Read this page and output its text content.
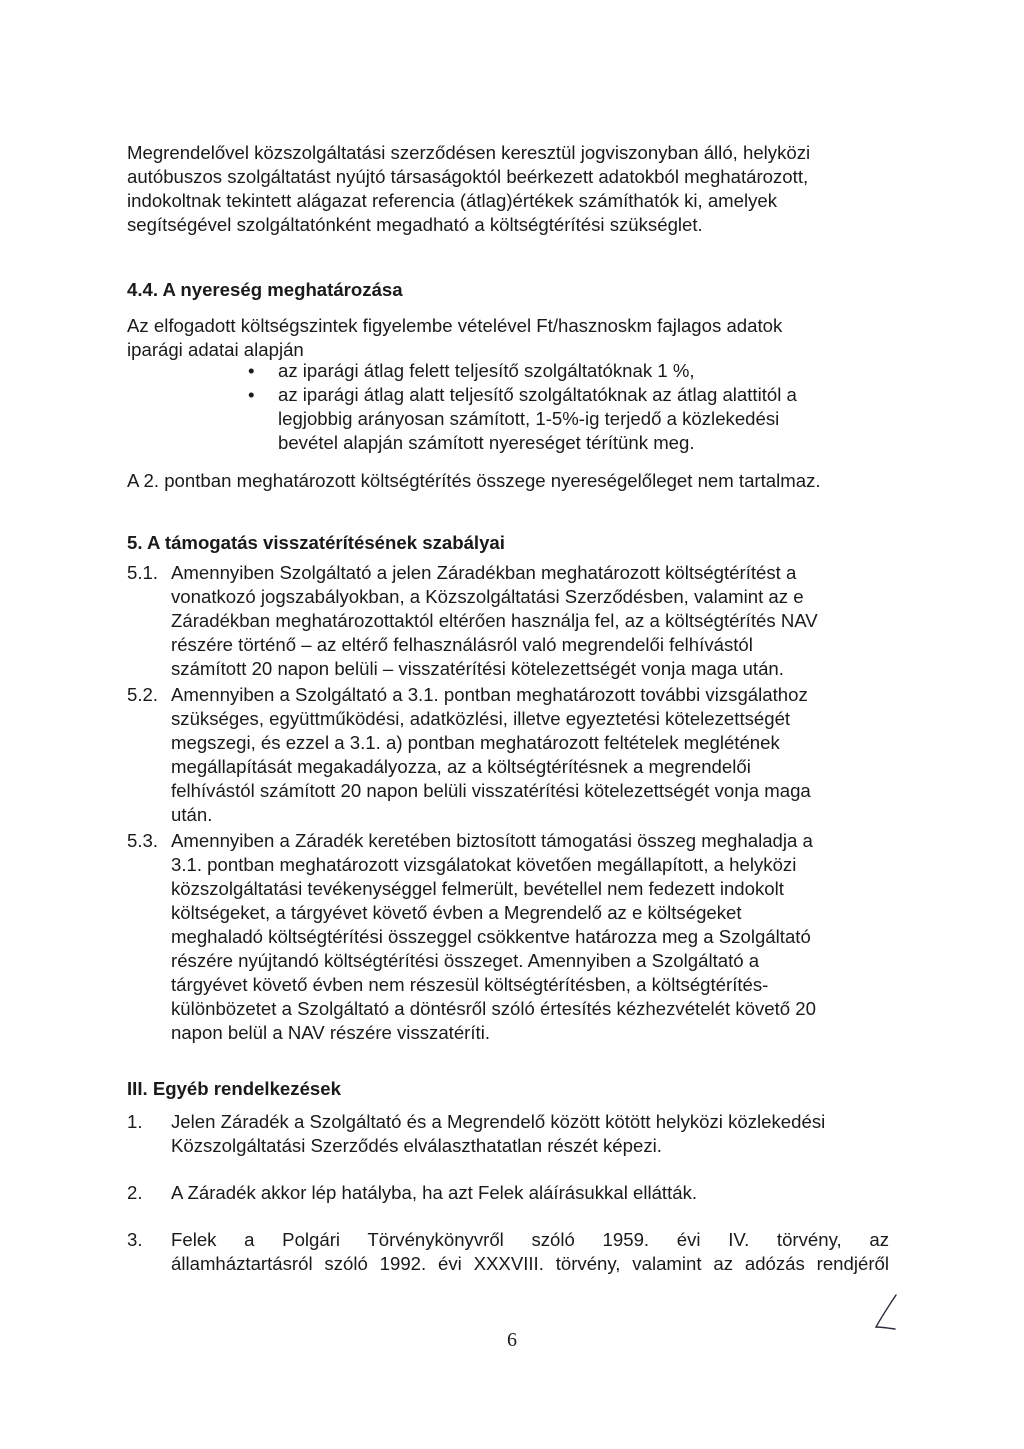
Megrendelővel közszolgáltatási szerződésen keresztül jogviszonyban álló, helyközi
autóbuszos szolgáltatást nyújtó társaságoktól beérkezett adatokból meghatározott,
indokoltnak tekintett alágazat referencia (átlag)értékek számíthatók ki, amelyek
segítségével szolgáltatónként megadható a költségtérítési szükséglet.
4.4. A nyereség meghatározása
Az elfogadott költségszintek figyelembe vételével Ft/hasznoskm fajlagos adatok
iparági adatai alapján
• az iparági átlag felett teljesítő szolgáltatóknak 1 %,
• az iparági átlag alatt teljesítő szolgáltatóknak az átlag alattitól a
legjobbig arányosan számított, 1-5%-ig terjedő a közlekedési
bevétel alapján számított nyereséget térítünk meg.
A 2. pontban meghatározott költségtérítés összege nyereségelőleget nem tartalmaz.
5. A támogatás visszatérítésének szabályai
5.1. Amennyiben Szolgáltató a jelen Záradékban meghatározott költségtérítést a
vonatkozó jogszabályokban, a Közszolgáltatási Szerződésben, valamint az e
Záradékban meghatározottaktól eltérően használja fel, az a költségtérítés NAV
részére történő – az eltérő felhasználásról való megrendelői felhívástól
számított 20 napon belüli – visszatérítési kötelezettségét vonja maga után.
5.2. Amennyiben a Szolgáltató a 3.1. pontban meghatározott további vizsgálathoz
szükséges, együttműködési, adatközlési, illetve egyeztetési kötelezettségét
megszegi, és ezzel a 3.1. a) pontban meghatározott feltételek meglétének
megállapítását megakadályozza, az a költségtérítésnek a megrendelői
felhívástól számított 20 napon belüli visszatérítési kötelezettségét vonja maga
után.
5.3. Amennyiben a Záradék keretében biztosított támogatási összeg meghaladja a
3.1. pontban meghatározott vizsgálatokat követően megállapított, a helyközi
közszolgáltatási tevékenységgel felmerült, bevétellel nem fedezett indokolt
költségeket, a tárgyévet követő évben a Megrendelő az e költségeket
meghaladó költségtérítési összeggel csökkentve határozza meg a Szolgáltató
részére nyújtandó költségtérítési összeget. Amennyiben a Szolgáltató a
tárgyévet követő évben nem részesül költségtérítésben, a költségtérítés-
különbözetet a Szolgáltató a döntésről szóló értesítés kézhezvételét követő 20
napon belül a NAV részére visszatéríti.
III. Egyéb rendelkezések
1. Jelen Záradék a Szolgáltató és a Megrendelő között kötött helyközi közlekedési
Közszolgáltatási Szerződés elválaszthatatlan részét képezi.
2. A Záradék akkor lép hatályba, ha azt Felek aláírásukkal ellátták.
3. Felek a Polgári Törvénykönyvről szóló 1959. évi IV. törvény, az
államháztartásról szóló 1992. évi XXXVIII. törvény, valamint az adózás rendjéről
6
